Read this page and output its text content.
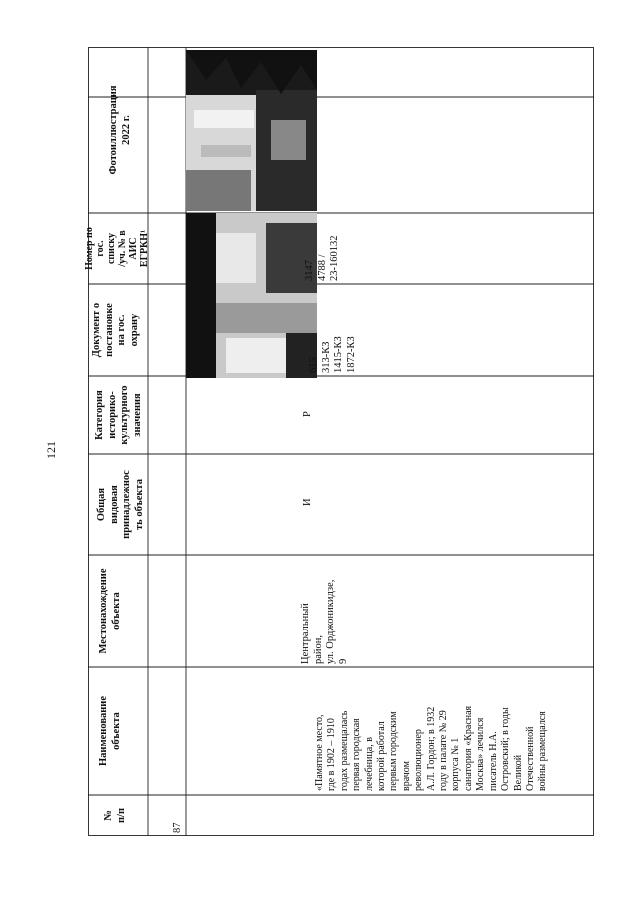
121
№
п/п
Наименование
объекта
Местонахождение
объекта
Общая
видовая
принадлежнос
ть объекта
Категория
историко-
культурного
значения
Документ о
постановке
на гос.
охрану
Номер по
гос.
списку
/уч. № в
АИС
ЕГРКН¹
Фотоиллюстрация
2022 г.
87
«Памятное место,
где в 1902 – 1910
годах размещалась
первая городская
лечебница, в
которой работал
первым городским
врачом
революционер
А.Л. Гордон; в 1932
году в палате № 29
корпуса № 1
санатория «Красная
Москва» лечился
писатель Н.А.
Островский; в годы
Великой
Отечественной
войны размещался
Центральный
район,
ул. Орджоникидзе,
9
И
Р
615
313-КЗ
1415-КЗ
1872-КЗ
3147
4788 /
23-160132
